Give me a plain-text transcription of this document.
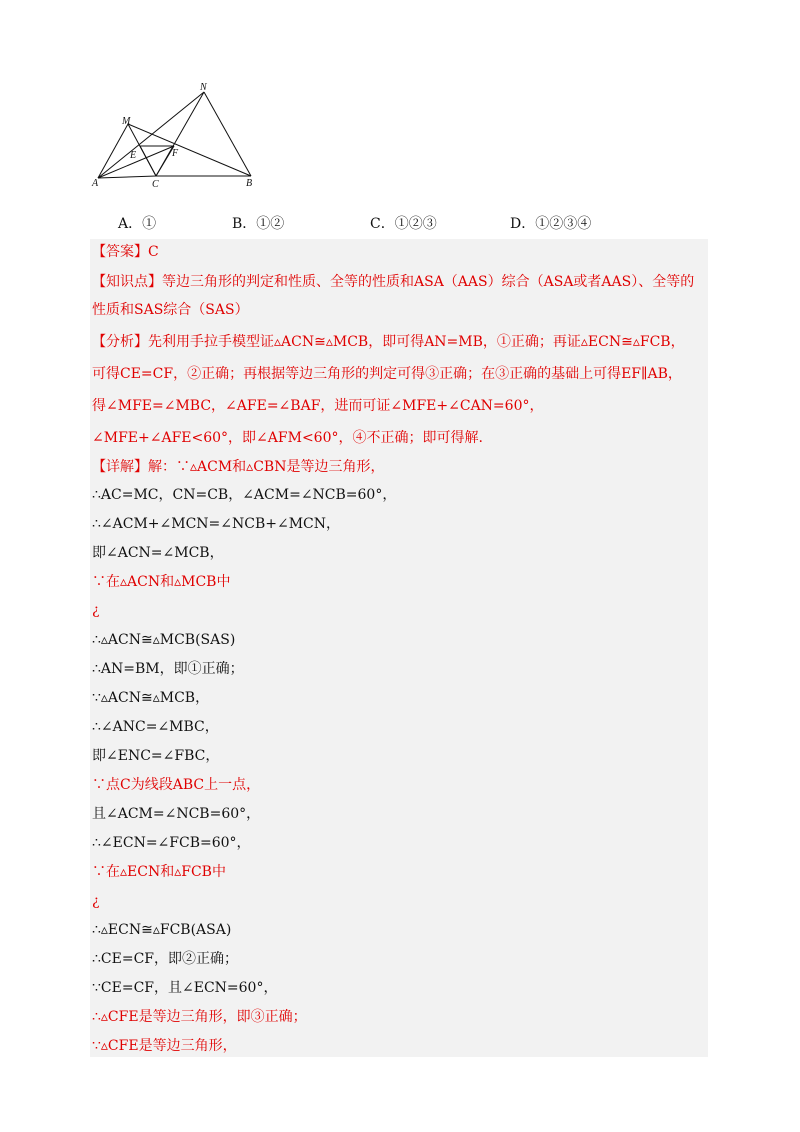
N
M
E	F
A	C	B
A．①	B．①②	C．①②③	D．①②③④
【答案】C
【知识点】等边三角形的判定和性质、全等的性质和ASA（AAS）综合（ASA或者AAS）、全等的
性质和SAS综合（SAS）
【分析】先利用手拉手模型证▵ACN≅▵MCB，即可得AN=MB，①正确；再证▵ECN≅▵FCB，
可得CE=CF，②正确；再根据等边三角形的判定可得③正确；在③正确的基础上可得EF∥AB，
得∠MFE=∠MBC，∠AFE=∠BAF，进而可证∠MFE+∠CAN=60°，
∠MFE+∠AFE<60°，即∠AFM<60°，④不正确；即可得解.
【详解】解：∵▵ACM和▵CBN是等边三角形，
∴AC=MC，CN=CB，∠ACM=∠NCB=60°，
∴∠ACM+∠MCN=∠NCB+∠MCN，
即∠ACN=∠MCB，
∵在▵ACN和▵MCB中
¿
∴▵ACN≅▵MCB(SAS)
∴AN=BM，即①正确；
∵▵ACN≅▵MCB，
∴∠ANC=∠MBC，
即∠ENC=∠FBC，
∵点C为线段ABC上一点，
且∠ACM=∠NCB=60°，
∴∠ECN=∠FCB=60°，
∵在▵ECN和▵FCB中
¿
∴▵ECN≅▵FCB(ASA)
∴CE=CF，即②正确；
∵CE=CF，且∠ECN=60°，
∴▵CFE是等边三角形，即③正确；
∵▵CFE是等边三角形，
